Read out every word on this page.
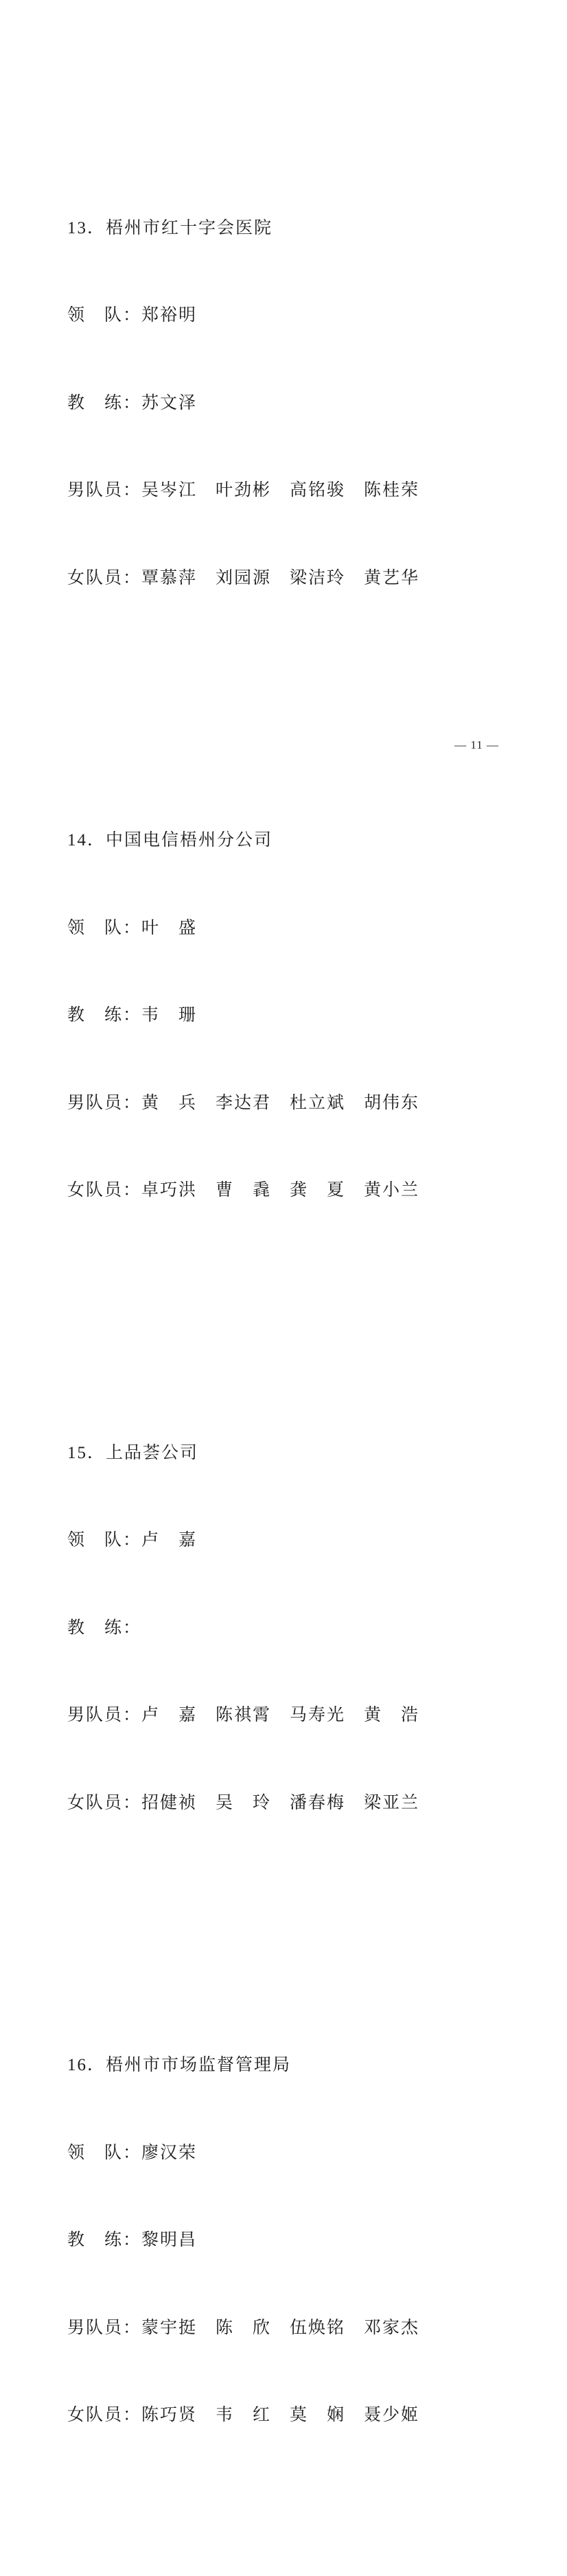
13．梧州市红十字会医院

领　队：郑裕明

教　练：苏文泽

男队员：吴岑江　叶劲彬　高铭骏　陈桂荣

女队员：覃慕萍　刘园源　梁洁玲　黄艺华

14．中国电信梧州分公司

领　队：叶　盛

教　练：韦　珊

男队员：黄　兵　李达君　杜立斌　胡伟东

女队员：卓巧洪　曹　毳　龚　夏　黄小兰

15．上品荟公司

领　队：卢　嘉

教　练：

男队员：卢　嘉　陈祺霄　马寿光　黄　浩

女队员：招健祯　吴　玲　潘春梅　梁亚兰

16．梧州市市场监督管理局

领　队：廖汉荣

教　练：黎明昌

男队员：蒙宇挺　陈　欣　伍焕铭　邓家杰

女队员：陈巧贤　韦　红　莫　娴　聂少姬

— 11 —
